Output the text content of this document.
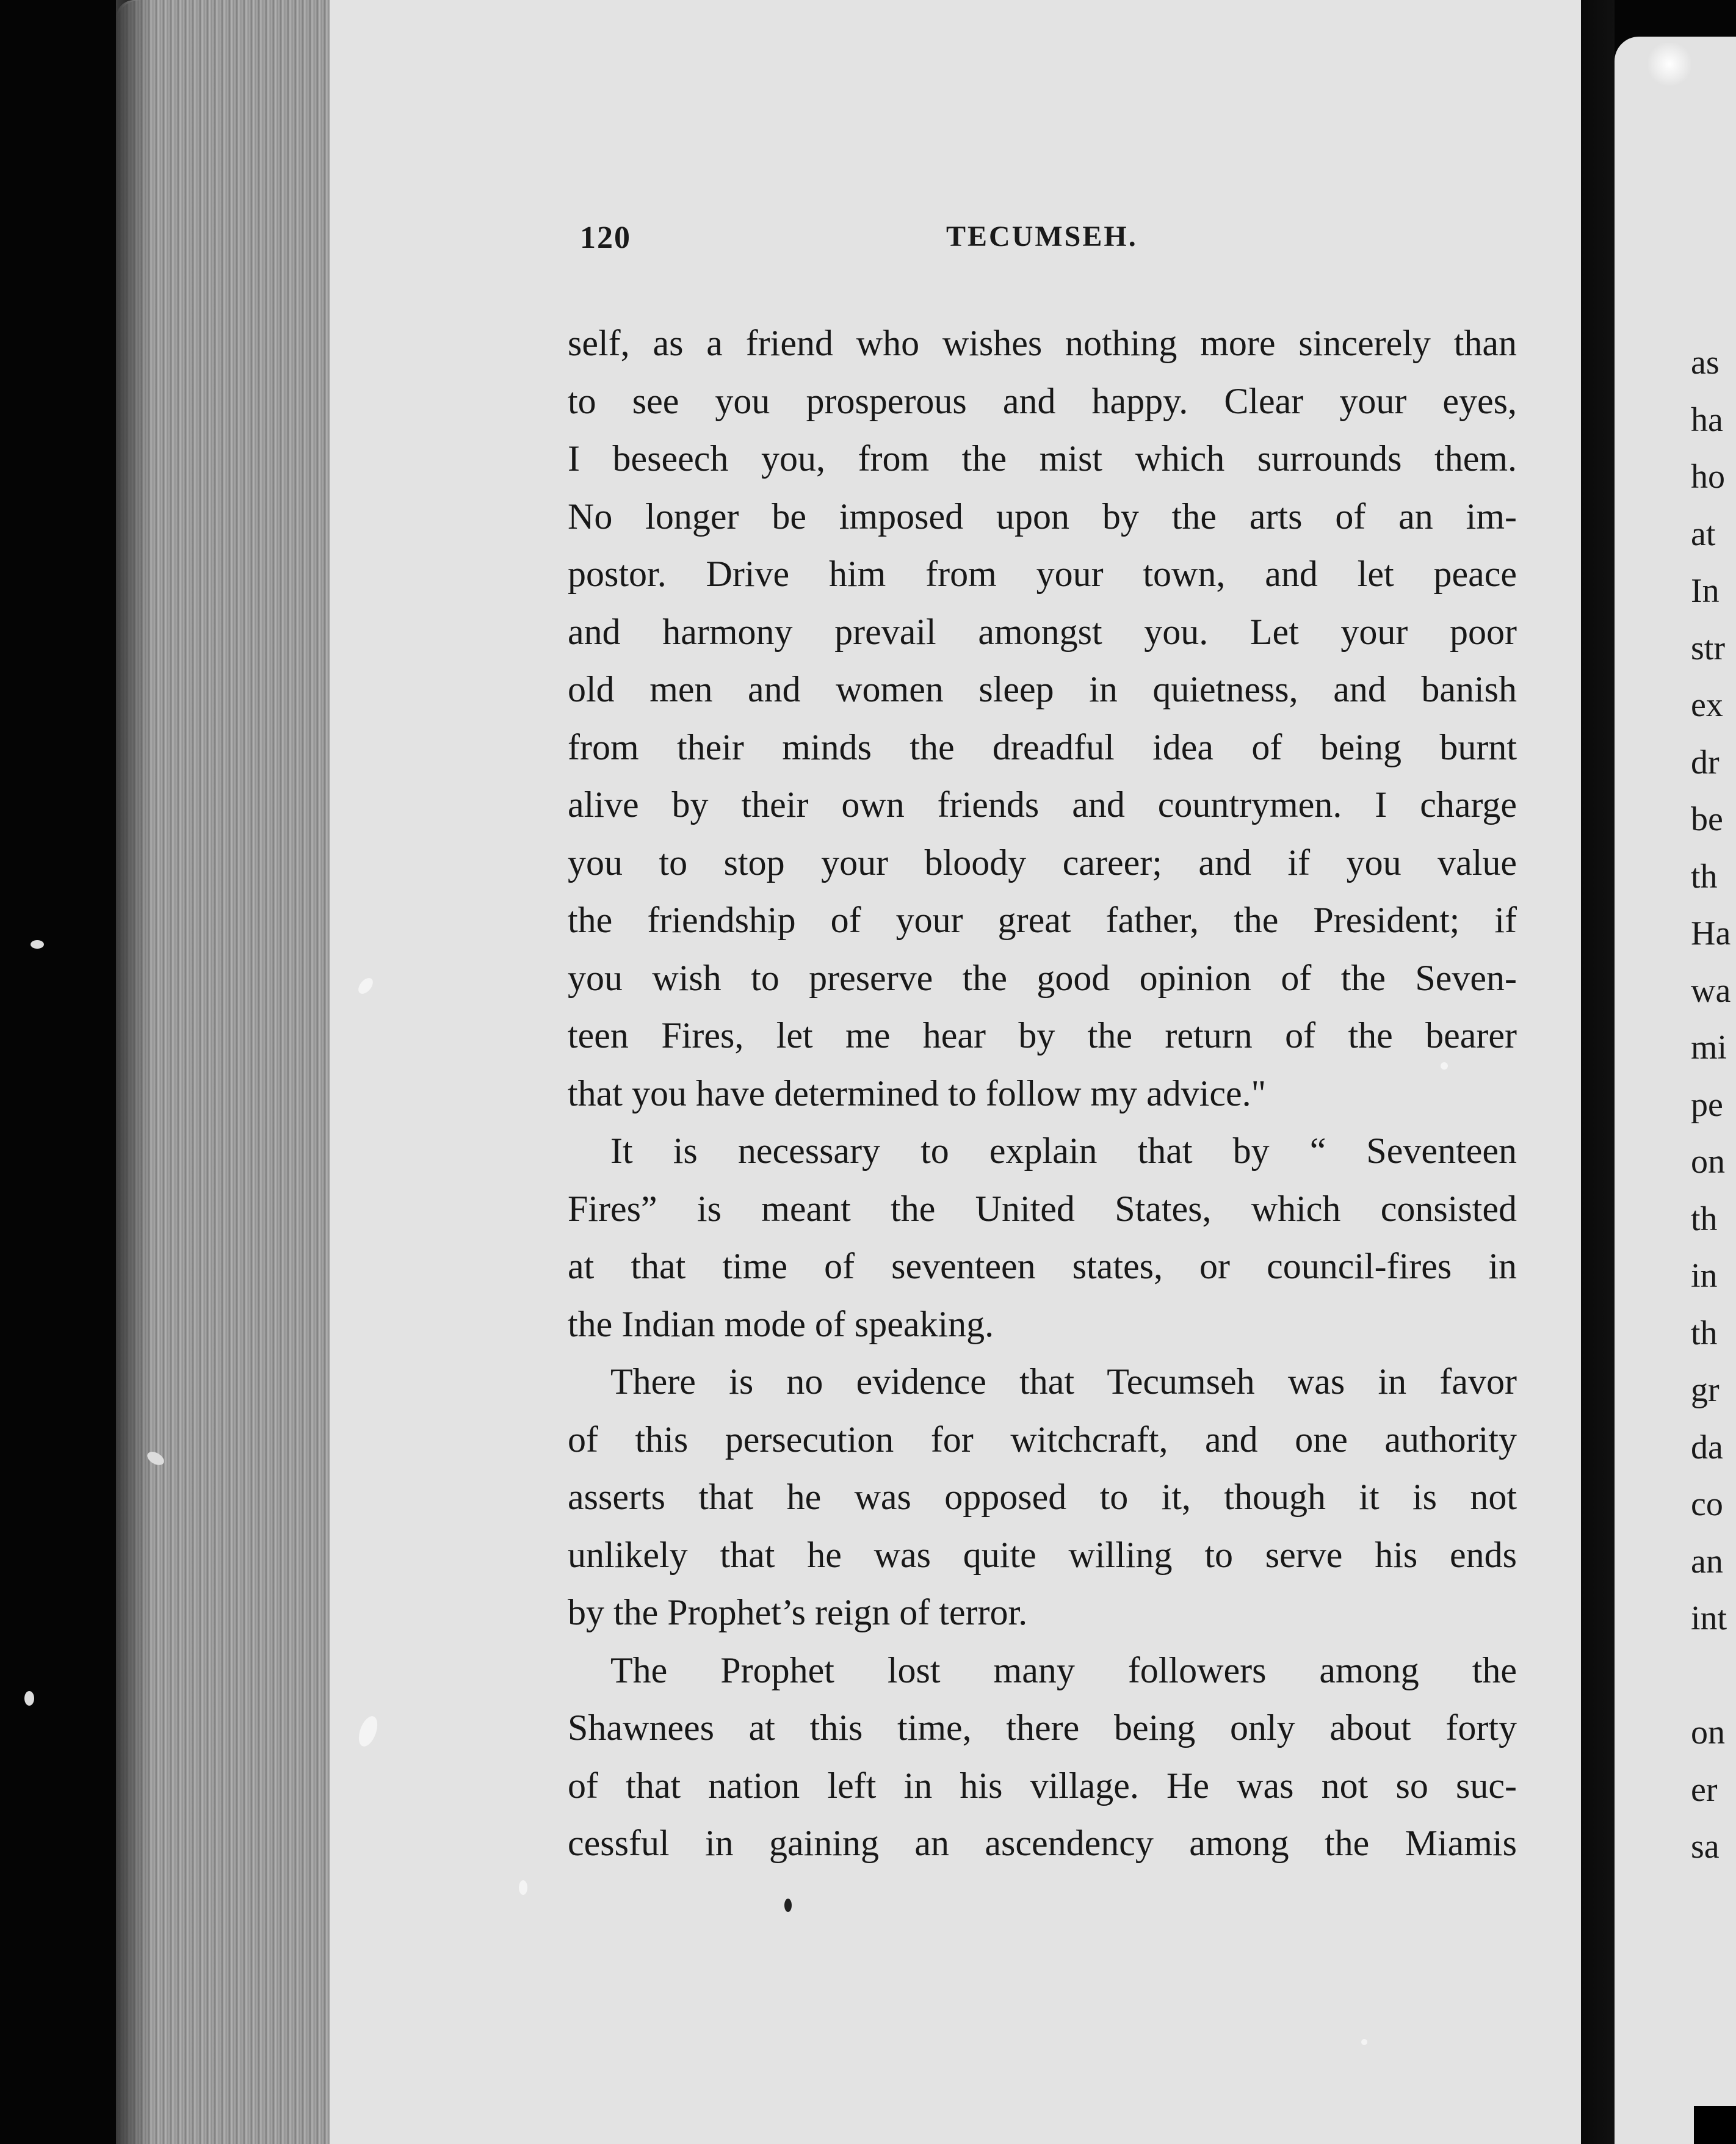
120	TECUMSEH.
self, as a friend who wishes nothing more sincerely than
to see you prosperous and happy. Clear your eyes,
I beseech you, from the mist which surrounds them.
No longer be imposed upon by the arts of an im-
postor. Drive him from your town, and let peace
and harmony prevail amongst you. Let your poor
old men and women sleep in quietness, and banish
from their minds the dreadful idea of being burnt
alive by their own friends and countrymen. I charge
you to stop your bloody career; and if you value
the friendship of your great father, the President; if
you wish to preserve the good opinion of the Seven-
teen Fires, let me hear by the return of the bearer
that you have determined to follow my advice."
It is necessary to explain that by “ Seventeen
Fires” is meant the United States, which consisted
at that time of seventeen states, or council-fires in
the Indian mode of speaking.
There is no evidence that Tecumseh was in favor
of this persecution for witchcraft, and one authority
asserts that he was opposed to it, though it is not
unlikely that he was quite willing to serve his ends
by the Prophet’s reign of terror.
The Prophet lost many followers among the
Shawnees at this time, there being only about forty
of that nation left in his village. He was not so suc-
cessful in gaining an ascendency among the Miamis
as
ha
ho
at
In
str
ex
dr
be
th
Ha
wa
mi
pe
on
th
in
th
gr
da
co
an
int
on
er
sa
